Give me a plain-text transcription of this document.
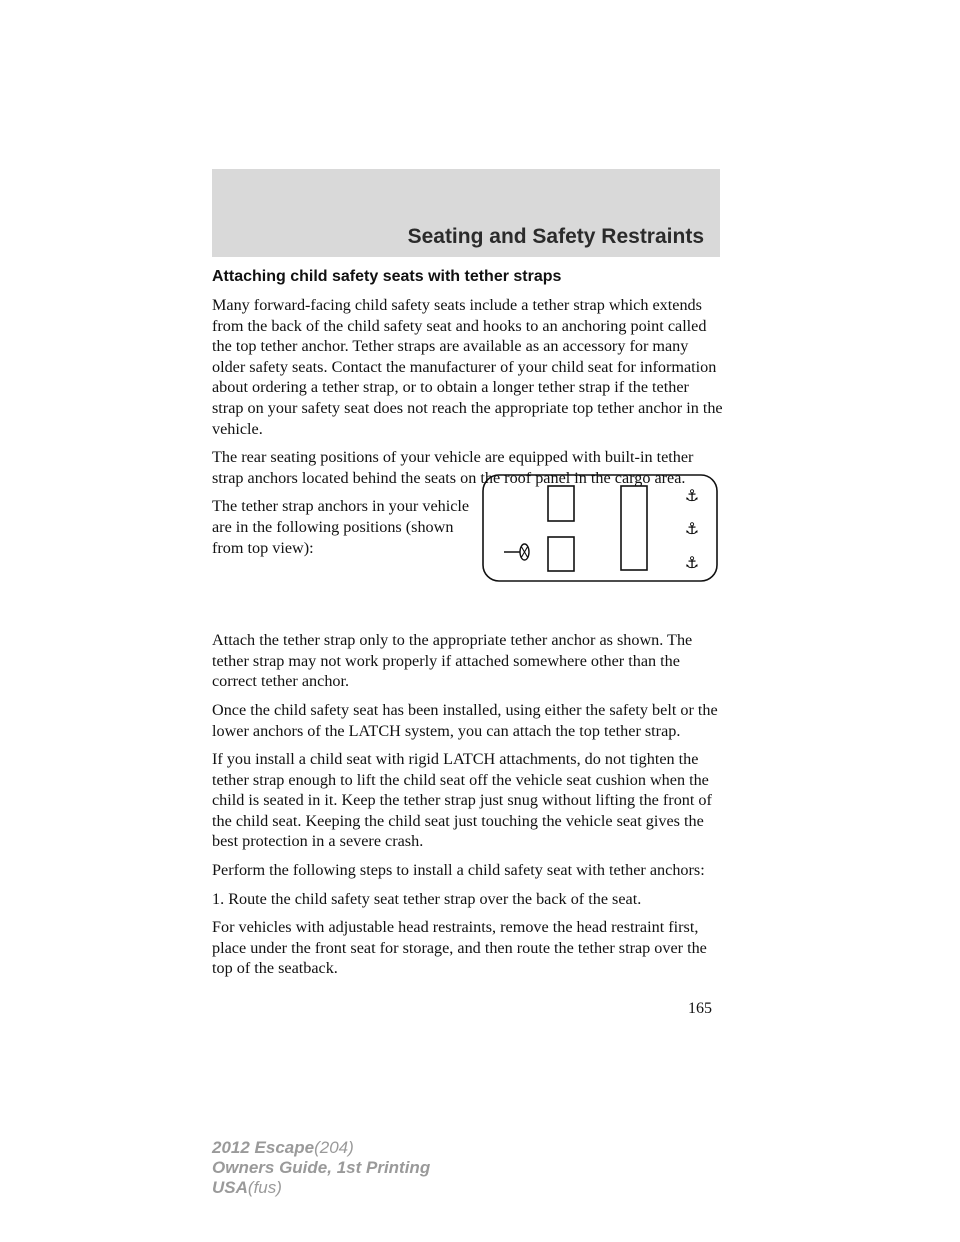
Seating and Safety Restraints
Attaching child safety seats with tether straps

Many forward-facing child safety seats include a tether strap which extends from the back of the child safety seat and hooks to an anchoring point called the top tether anchor. Tether straps are available as an accessory for many older safety seats. Contact the manufacturer of your child seat for information about ordering a tether strap, or to obtain a longer tether strap if the tether strap on your safety seat does not reach the appropriate top tether anchor in the vehicle.

The rear seating positions of your vehicle are equipped with built-in tether strap anchors located behind the seats on the roof panel in the cargo area.

The tether strap anchors in your vehicle are in the following positions (shown from top view):

Attach the tether strap only to the appropriate tether anchor as shown. The tether strap may not work properly if attached somewhere other than the correct tether anchor.

Once the child safety seat has been installed, using either the safety belt or the lower anchors of the LATCH system, you can attach the top tether strap.

If you install a child seat with rigid LATCH attachments, do not tighten the tether strap enough to lift the child seat off the vehicle seat cushion when the child is seated in it. Keep the tether strap just snug without lifting the front of the child seat. Keeping the child seat just touching the vehicle seat gives the best protection in a severe crash.

Perform the following steps to install a child safety seat with tether anchors:

1. Route the child safety seat tether strap over the back of the seat.

For vehicles with adjustable head restraints, remove the head restraint first, place under the front seat for storage, and then route the tether strap over the top of the seatback.

⚓
⚓
⚓
165
2012 Escape(204)
Owners Guide, 1st Printing
USA(fus)
